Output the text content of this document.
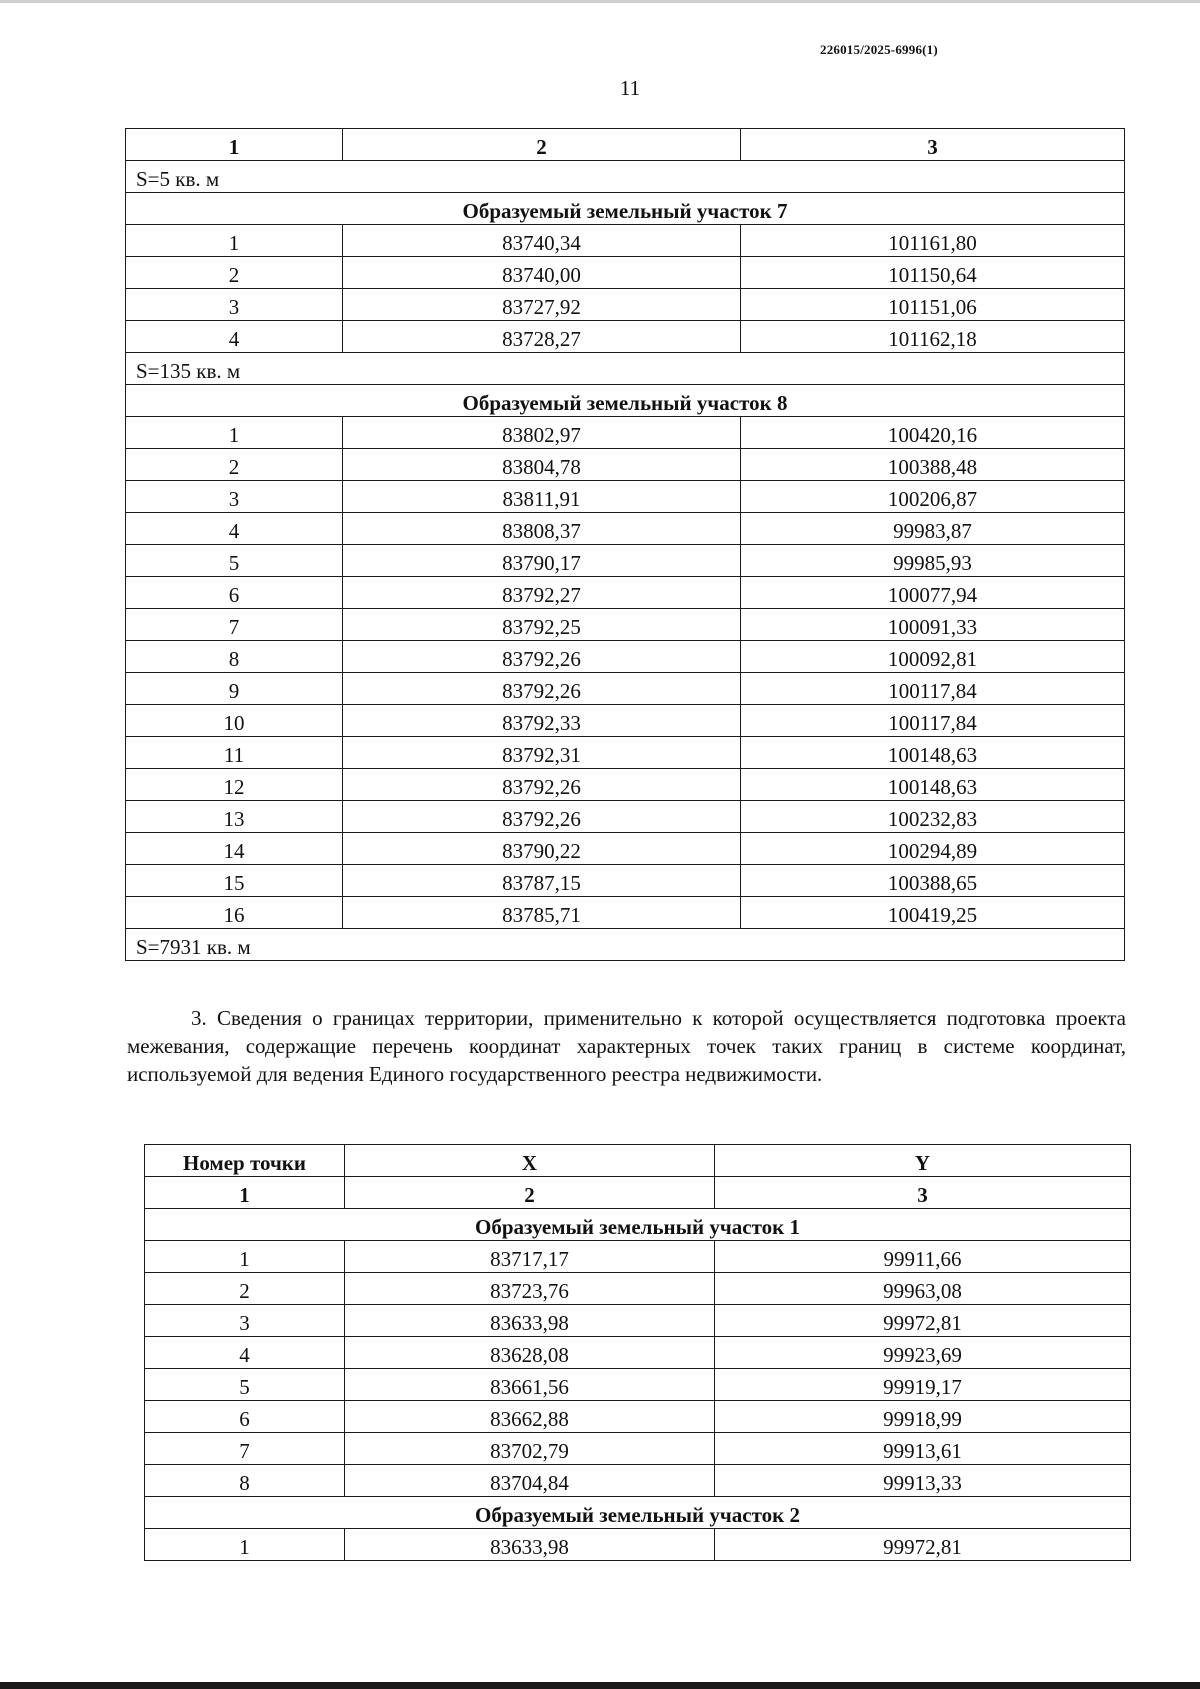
226015/2025-6996(1)
11
1	2	3
S=5 кв. м		
Образуемый земельный участок 7		
1	83740,34	101161,80
2	83740,00	101150,64
3	83727,92	101151,06
4	83728,27	101162,18
S=135 кв. м		
Образуемый земельный участок 8		
1	83802,97	100420,16
2	83804,78	100388,48
3	83811,91	100206,87
4	83808,37	99983,87
5	83790,17	99985,93
6	83792,27	100077,94
7	83792,25	100091,33
8	83792,26	100092,81
9	83792,26	100117,84
10	83792,33	100117,84
11	83792,31	100148,63
12	83792,26	100148,63
13	83792,26	100232,83
14	83790,22	100294,89
15	83787,15	100388,65
16	83785,71	100419,25
S=7931 кв. м		

3. Сведения о границах территории, применительно к которой осуществляется подготовка проекта межевания, содержащие перечень координат характерных точек таких границ в системе координат, используемой для ведения Единого государственного реестра недвижимости.

Номер точки	X	Y
1	2	3
Образуемый земельный участок 1		
1	83717,17	99911,66
2	83723,76	99963,08
3	83633,98	99972,81
4	83628,08	99923,69
5	83661,56	99919,17
6	83662,88	99918,99
7	83702,79	99913,61
8	83704,84	99913,33
Образуемый земельный участок 2		
1	83633,98	99972,81
